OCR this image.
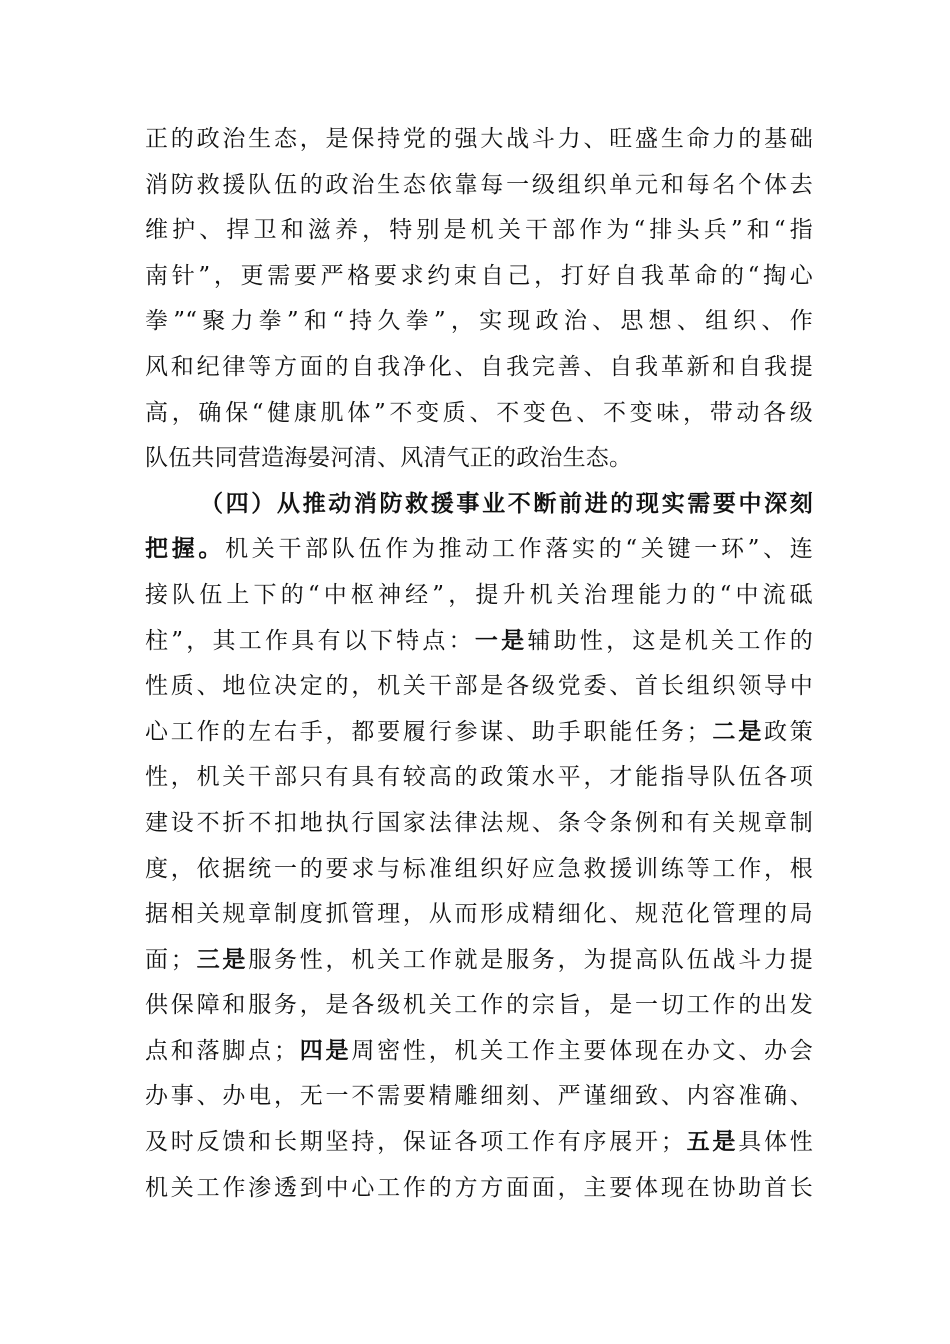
正的政治生态，是保持党的强大战斗力、旺盛生命力的基础
消防救援队伍的政治生态依靠每一级组织单元和每名个体去
维护、捍卫和滋养，特别是机关干部作为“排头兵”和“指
南针”，更需要严格要求约束自己，打好自我革命的“掏心
拳”“聚力拳”和“持久拳”，实现政治、思想、组织、作
风和纪律等方面的自我净化、自我完善、自我革新和自我提
高，确保“健康肌体”不变质、不变色、不变味，带动各级
队伍共同营造海晏河清、风清气正的政治生态。
（四）从推动消防救援事业不断前进的现实需要中深刻
把握。机关干部队伍作为推动工作落实的“关键一环”、连
接队伍上下的“中枢神经”，提升机关治理能力的“中流砥
柱”，其工作具有以下特点：一是辅助性，这是机关工作的
性质、地位决定的，机关干部是各级党委、首长组织领导中
心工作的左右手，都要履行参谋、助手职能任务；二是政策
性，机关干部只有具有较高的政策水平，才能指导队伍各项
建设不折不扣地执行国家法律法规、条令条例和有关规章制
度，依据统一的要求与标准组织好应急救援训练等工作，根
据相关规章制度抓管理，从而形成精细化、规范化管理的局
面；三是服务性，机关工作就是服务，为提高队伍战斗力提
供保障和服务，是各级机关工作的宗旨，是一切工作的出发
点和落脚点；四是周密性，机关工作主要体现在办文、办会
办事、办电，无一不需要精雕细刻、严谨细致、内容准确、
及时反馈和长期坚持，保证各项工作有序展开；五是具体性
机关工作渗透到中心工作的方方面面，主要体现在协助首长
